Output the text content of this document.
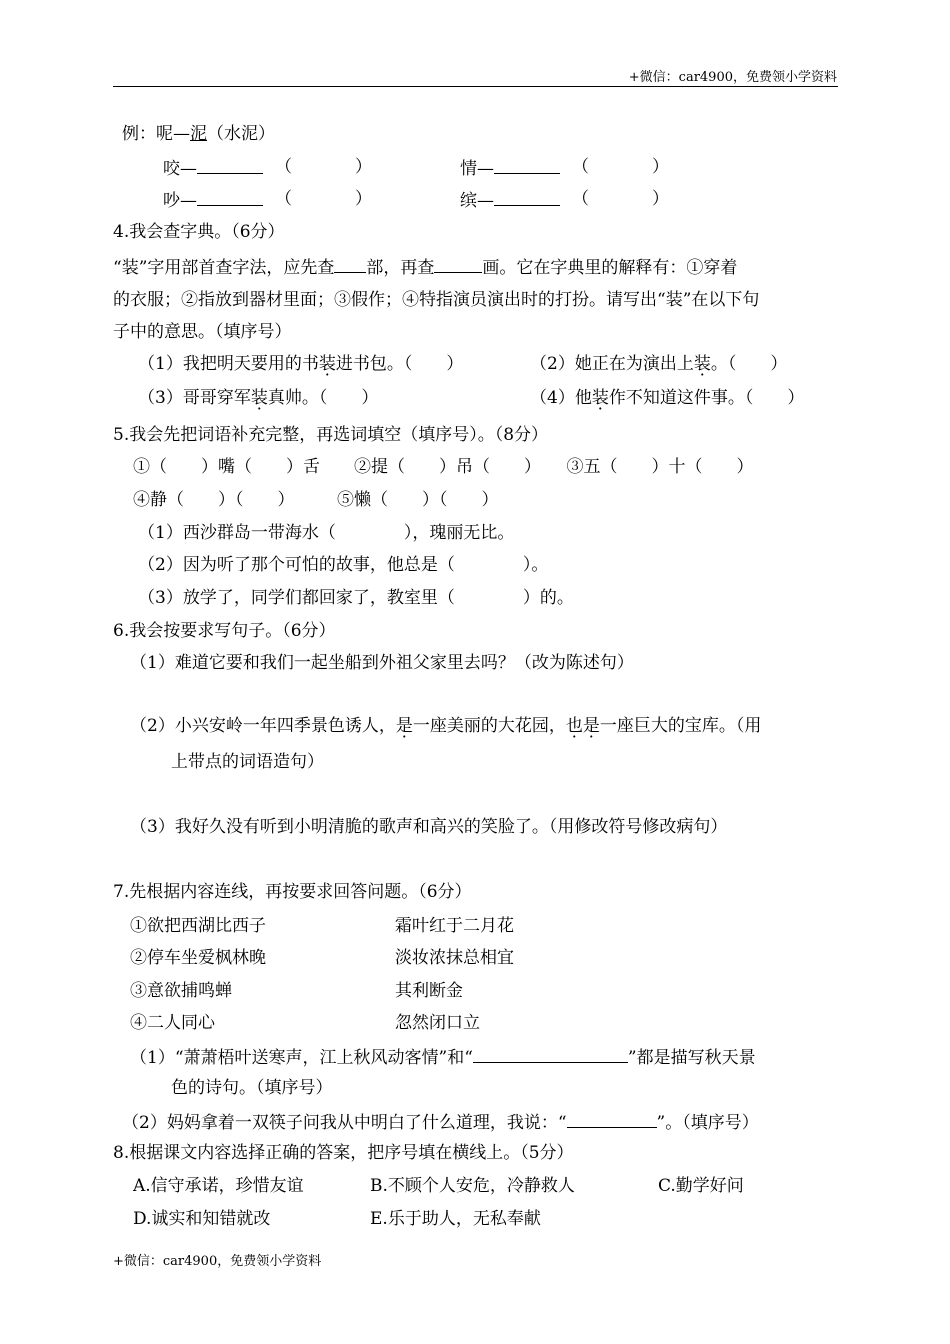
+微信：car4900，免费领小学资料
例：呢—泥（水泥）
咬—	（	）	情—	（	）
吵—	（	）	缤—	（	）
4.我会查字典。（6分）
“装”字用部首查字法，应先查 部，再查	画。它在字典里的解释有：①穿着
的衣服；②指放到器材里面；③假作；④特指演员演出时的打扮。请写出“装”在以下句
子中的意思。（填序号）
（1）我把明天要用的书装进书包。（　　）	（2）她正在为演出上装。（　　）
（3）哥哥穿军装真帅。（　　）	（4）他装作不知道这件事。（　　）
5.我会先把词语补充完整，再选词填空（填序号）。（8分）
①（　　）嘴（　　）舌　　②提（　　）吊（　　）　　③五（　　）十（　　）
④静（　　）（　　）　　　⑤懒（　　）（　　）
（1）西沙群岛一带海水（　　　　），瑰丽无比。
（2）因为听了那个可怕的故事，他总是（　　　　）。
（3）放学了，同学们都回家了，教室里（　　　　）的。
6.我会按要求写句子。（6分）
（1）难道它要和我们一起坐船到外祖父家里去吗？（改为陈述句）
（2）小兴安岭一年四季景色诱人，是一座美丽的大花园，也是一座巨大的宝库。（用
上带点的词语造句）
（3）我好久没有听到小明清脆的歌声和高兴的笑脸了。（用修改符号修改病句）
7.先根据内容连线，再按要求回答问题。（6分）
①欲把西湖比西子	霜叶红于二月花
②停车坐爱枫林晚	淡妆浓抹总相宜
③意欲捕鸣蝉	其利断金
④二人同心	忽然闭口立
（1）“萧萧梧叶送寒声，江上秋风动客情”和“	”都是描写秋天景
色的诗句。（填序号）
（2）妈妈拿着一双筷子问我从中明白了什么道理，我说：“	”。（填序号）
8.根据课文内容选择正确的答案，把序号填在横线上。（5分）
A.信守承诺，珍惜友谊	B.不顾个人安危，冷静救人	C.勤学好问
D.诚实和知错就改	E.乐于助人，无私奉献
+微信：car4900，免费领小学资料
